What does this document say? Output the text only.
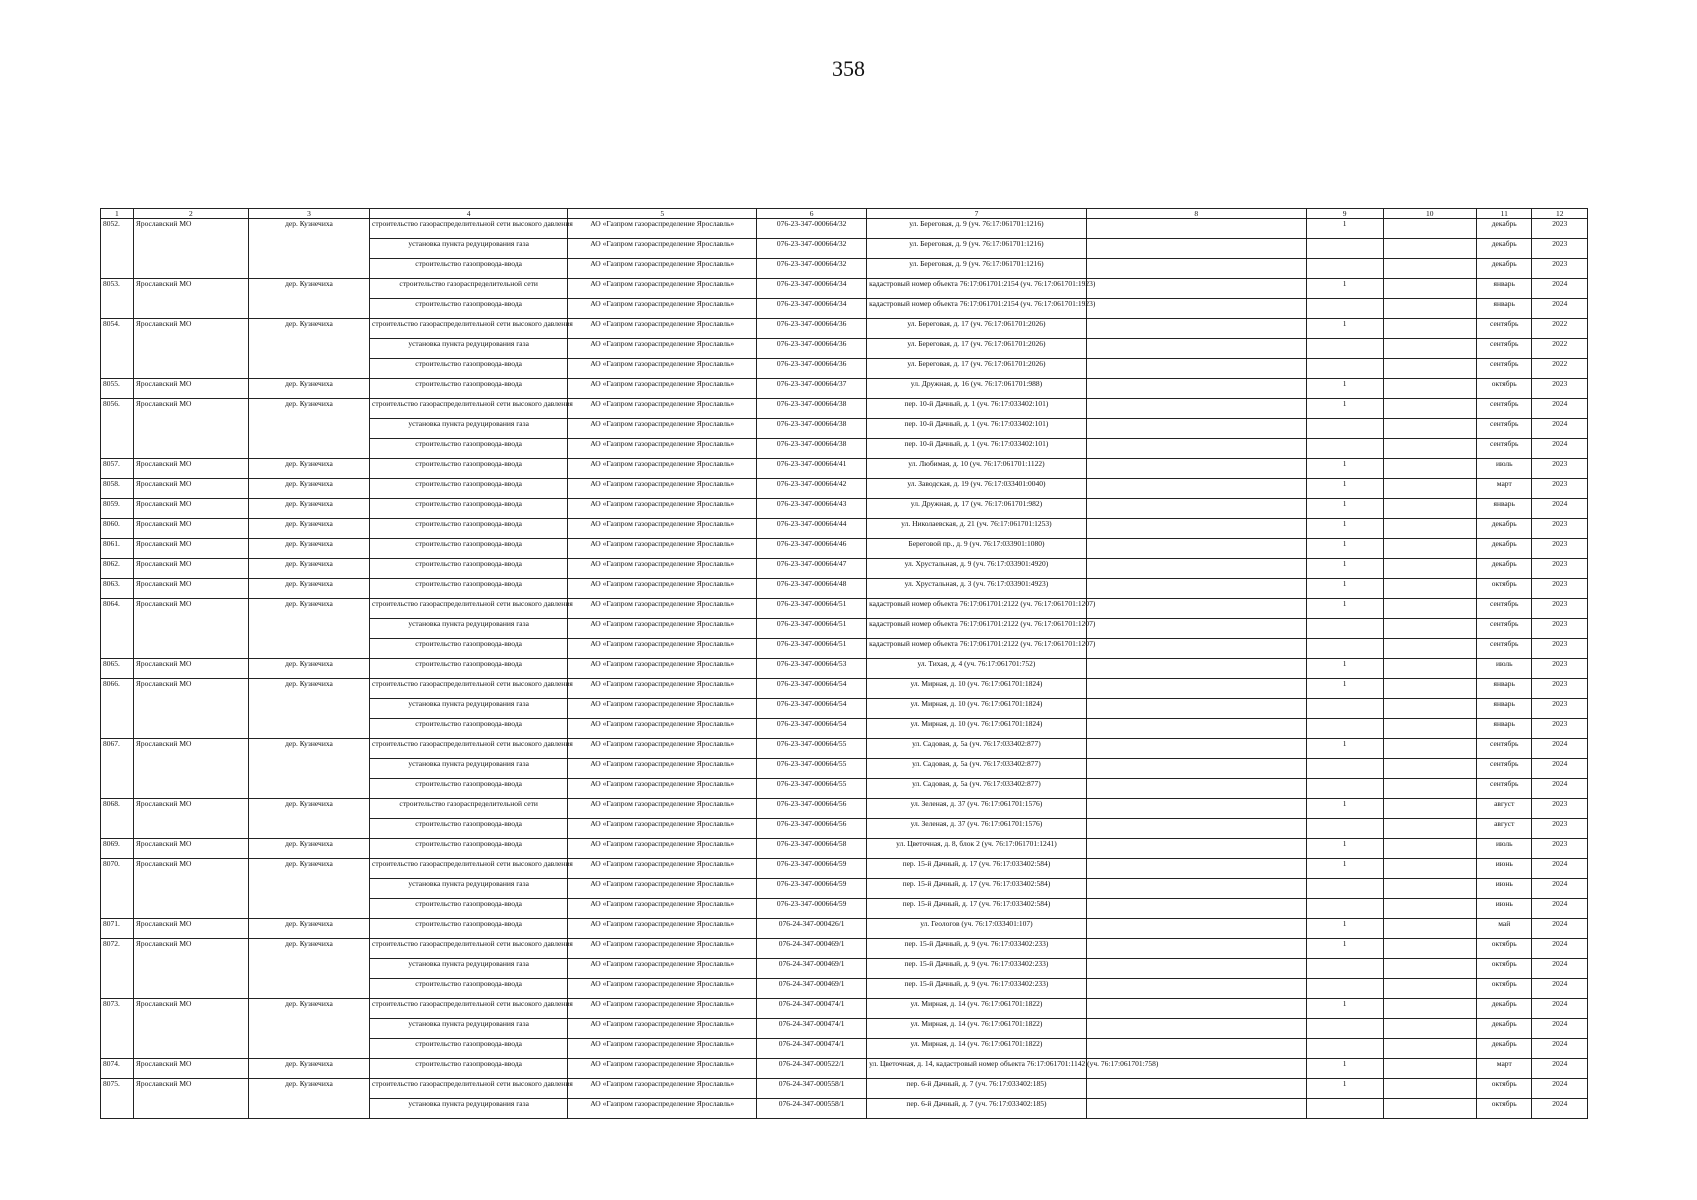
358
1	2	3	4	5	6	7	8	9	10	11	12
8052.	Ярославский МО	дер. Кузнечиха	строительство газораспределительной сети высокого давления	АО «Газпром газораспределение Ярославль»	076-23-347-000664/32	ул. Береговая, д. 9 (уч. 76:17:061701:1216)		1		декабрь	2023
			установка пункта редуцирования газа	АО «Газпром газораспределение Ярославль»	076-23-347-000664/32	ул. Береговая, д. 9 (уч. 76:17:061701:1216)				декабрь	2023
			строительство газопровода-ввода	АО «Газпром газораспределение Ярославль»	076-23-347-000664/32	ул. Береговая, д. 9 (уч. 76:17:061701:1216)				декабрь	2023
8053.	Ярославский МО	дер. Кузнечиха	строительство газораспределительной сети	АО «Газпром газораспределение Ярославль»	076-23-347-000664/34	кадастровый номер объекта 76:17:061701:2154 (уч. 76:17:061701:1923)		1		январь	2024
			строительство газопровода-ввода	АО «Газпром газораспределение Ярославль»	076-23-347-000664/34	кадастровый номер объекта 76:17:061701:2154 (уч. 76:17:061701:1923)				январь	2024
8054.	Ярославский МО	дер. Кузнечиха	строительство газораспределительной сети высокого давления	АО «Газпром газораспределение Ярославль»	076-23-347-000664/36	ул. Береговая, д. 17 (уч. 76:17:061701:2026)		1		сентябрь	2022
			установка пункта редуцирования газа	АО «Газпром газораспределение Ярославль»	076-23-347-000664/36	ул. Береговая, д. 17 (уч. 76:17:061701:2026)				сентябрь	2022
			строительство газопровода-ввода	АО «Газпром газораспределение Ярославль»	076-23-347-000664/36	ул. Береговая, д. 17 (уч. 76:17:061701:2026)				сентябрь	2022
8055.	Ярославский МО	дер. Кузнечиха	строительство газопровода-ввода	АО «Газпром газораспределение Ярославль»	076-23-347-000664/37	ул. Дружная, д. 16 (уч. 76:17:061701:988)		1		октябрь	2023
8056.	Ярославский МО	дер. Кузнечиха	строительство газораспределительной сети высокого давления	АО «Газпром газораспределение Ярославль»	076-23-347-000664/38	пер. 10-й Дачный, д. 1 (уч. 76:17:033402:101)		1		сентябрь	2024
			установка пункта редуцирования газа	АО «Газпром газораспределение Ярославль»	076-23-347-000664/38	пер. 10-й Дачный, д. 1 (уч. 76:17:033402:101)				сентябрь	2024
			строительство газопровода-ввода	АО «Газпром газораспределение Ярославль»	076-23-347-000664/38	пер. 10-й Дачный, д. 1 (уч. 76:17:033402:101)				сентябрь	2024
8057.	Ярославский МО	дер. Кузнечиха	строительство газопровода-ввода	АО «Газпром газораспределение Ярославль»	076-23-347-000664/41	ул. Любимая, д. 10 (уч. 76:17:061701:1122)		1		июль	2023
8058.	Ярославский МО	дер. Кузнечиха	строительство газопровода-ввода	АО «Газпром газораспределение Ярославль»	076-23-347-000664/42	ул. Заводская, д. 19 (уч. 76:17:033401:0040)		1		март	2023
8059.	Ярославский МО	дер. Кузнечиха	строительство газопровода-ввода	АО «Газпром газораспределение Ярославль»	076-23-347-000664/43	ул. Дружная, д. 17 (уч. 76:17:061701:982)		1		январь	2024
8060.	Ярославский МО	дер. Кузнечиха	строительство газопровода-ввода	АО «Газпром газораспределение Ярославль»	076-23-347-000664/44	ул. Николаевская, д. 21 (уч. 76:17:061701:1253)		1		декабрь	2023
8061.	Ярославский МО	дер. Кузнечиха	строительство газопровода-ввода	АО «Газпром газораспределение Ярославль»	076-23-347-000664/46	Береговой пр., д. 9 (уч. 76:17:033901:1080)		1		декабрь	2023
8062.	Ярославский МО	дер. Кузнечиха	строительство газопровода-ввода	АО «Газпром газораспределение Ярославль»	076-23-347-000664/47	ул. Хрустальная, д. 9 (уч. 76:17:033901:4920)		1		декабрь	2023
8063.	Ярославский МО	дер. Кузнечиха	строительство газопровода-ввода	АО «Газпром газораспределение Ярославль»	076-23-347-000664/48	ул. Хрустальная, д. 3 (уч. 76:17:033901:4923)		1		октябрь	2023
8064.	Ярославский МО	дер. Кузнечиха	строительство газораспределительной сети высокого давления	АО «Газпром газораспределение Ярославль»	076-23-347-000664/51	кадастровый номер объекта 76:17:061701:2122 (уч. 76:17:061701:1207)		1		сентябрь	2023
			установка пункта редуцирования газа	АО «Газпром газораспределение Ярославль»	076-23-347-000664/51	кадастровый номер объекта 76:17:061701:2122 (уч. 76:17:061701:1207)				сентябрь	2023
			строительство газопровода-ввода	АО «Газпром газораспределение Ярославль»	076-23-347-000664/51	кадастровый номер объекта 76:17:061701:2122 (уч. 76:17:061701:1207)				сентябрь	2023
8065.	Ярославский МО	дер. Кузнечиха	строительство газопровода-ввода	АО «Газпром газораспределение Ярославль»	076-23-347-000664/53	ул. Тихая, д. 4 (уч. 76:17:061701:752)		1		июль	2023
8066.	Ярославский МО	дер. Кузнечиха	строительство газораспределительной сети высокого давления	АО «Газпром газораспределение Ярославль»	076-23-347-000664/54	ул. Мирная, д. 10 (уч. 76:17:061701:1824)		1		январь	2023
			установка пункта редуцирования газа	АО «Газпром газораспределение Ярославль»	076-23-347-000664/54	ул. Мирная, д. 10 (уч. 76:17:061701:1824)				январь	2023
			строительство газопровода-ввода	АО «Газпром газораспределение Ярославль»	076-23-347-000664/54	ул. Мирная, д. 10 (уч. 76:17:061701:1824)				январь	2023
8067.	Ярославский МО	дер. Кузнечиха	строительство газораспределительной сети высокого давления	АО «Газпром газораспределение Ярославль»	076-23-347-000664/55	ул. Садовая, д. 5а (уч. 76:17:033402:877)		1		сентябрь	2024
			установка пункта редуцирования газа	АО «Газпром газораспределение Ярославль»	076-23-347-000664/55	ул. Садовая, д. 5а (уч. 76:17:033402:877)				сентябрь	2024
			строительство газопровода-ввода	АО «Газпром газораспределение Ярославль»	076-23-347-000664/55	ул. Садовая, д. 5а (уч. 76:17:033402:877)				сентябрь	2024
8068.	Ярославский МО	дер. Кузнечиха	строительство газораспределительной сети	АО «Газпром газораспределение Ярославль»	076-23-347-000664/56	ул. Зеленая, д. 37 (уч. 76:17:061701:1576)		1		август	2023
			строительство газопровода-ввода	АО «Газпром газораспределение Ярославль»	076-23-347-000664/56	ул. Зеленая, д. 37 (уч. 76:17:061701:1576)				август	2023
8069.	Ярославский МО	дер. Кузнечиха	строительство газопровода-ввода	АО «Газпром газораспределение Ярославль»	076-23-347-000664/58	ул. Цветочная, д. 8, блок 2 (уч. 76:17:061701:1241)		1		июль	2023
8070.	Ярославский МО	дер. Кузнечиха	строительство газораспределительной сети высокого давления	АО «Газпром газораспределение Ярославль»	076-23-347-000664/59	пер. 15-й Дачный, д. 17 (уч. 76:17:033402:584)		1		июнь	2024
			установка пункта редуцирования газа	АО «Газпром газораспределение Ярославль»	076-23-347-000664/59	пер. 15-й Дачный, д. 17 (уч. 76:17:033402:584)				июнь	2024
			строительство газопровода-ввода	АО «Газпром газораспределение Ярославль»	076-23-347-000664/59	пер. 15-й Дачный, д. 17 (уч. 76:17:033402:584)				июнь	2024
8071.	Ярославский МО	дер. Кузнечиха	строительство газопровода-ввода	АО «Газпром газораспределение Ярославль»	076-24-347-000426/1	ул. Геологов (уч. 76:17:033401:107)		1		май	2024
8072.	Ярославский МО	дер. Кузнечиха	строительство газораспределительной сети высокого давления	АО «Газпром газораспределение Ярославль»	076-24-347-000469/1	пер. 15-й Дачный, д. 9 (уч. 76:17:033402:233)		1		октябрь	2024
			установка пункта редуцирования газа	АО «Газпром газораспределение Ярославль»	076-24-347-000469/1	пер. 15-й Дачный, д. 9 (уч. 76:17:033402:233)				октябрь	2024
			строительство газопровода-ввода	АО «Газпром газораспределение Ярославль»	076-24-347-000469/1	пер. 15-й Дачный, д. 9 (уч. 76:17:033402:233)				октябрь	2024
8073.	Ярославский МО	дер. Кузнечиха	строительство газораспределительной сети высокого давления	АО «Газпром газораспределение Ярославль»	076-24-347-000474/1	ул. Мирная, д. 14 (уч. 76:17:061701:1822)		1		декабрь	2024
			установка пункта редуцирования газа	АО «Газпром газораспределение Ярославль»	076-24-347-000474/1	ул. Мирная, д. 14 (уч. 76:17:061701:1822)				декабрь	2024
			строительство газопровода-ввода	АО «Газпром газораспределение Ярославль»	076-24-347-000474/1	ул. Мирная, д. 14 (уч. 76:17:061701:1822)				декабрь	2024
8074.	Ярославский МО	дер. Кузнечиха	строительство газопровода-ввода	АО «Газпром газораспределение Ярославль»	076-24-347-000522/1	ул. Цветочная, д. 14, кадастровый номер объекта 76:17:061701:1142 (уч. 76:17:061701:758)		1		март	2024
8075.	Ярославский МО	дер. Кузнечиха	строительство газораспределительной сети высокого давления	АО «Газпром газораспределение Ярославль»	076-24-347-000558/1	пер. 6-й Дачный, д. 7 (уч. 76:17:033402:185)		1		октябрь	2024
			установка пункта редуцирования газа	АО «Газпром газораспределение Ярославль»	076-24-347-000558/1	пер. 6-й Дачный, д. 7 (уч. 76:17:033402:185)				октябрь	2024
